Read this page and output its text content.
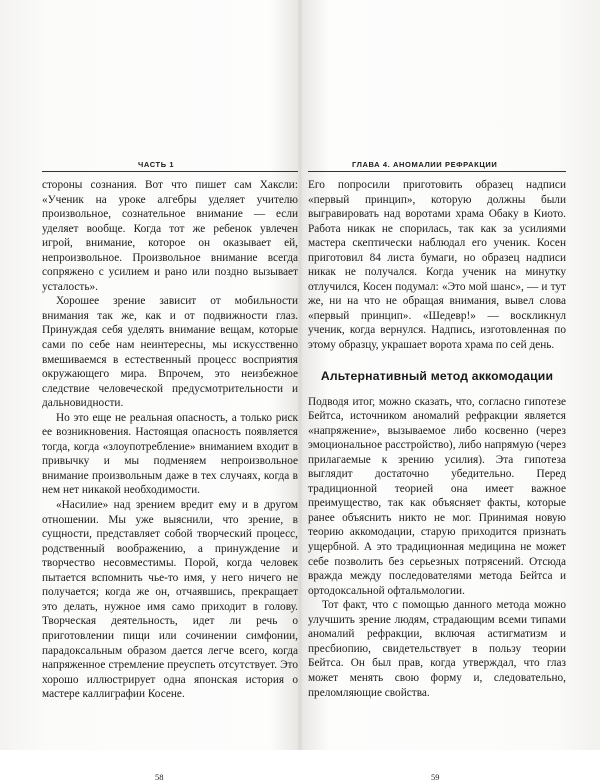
ЧАСТЬ 1

стороны сознания. Вот что пишет сам Хаксли: «Ученик на уроке алгебры уделяет учителю произвольное, сознательное внимание — если уделяет вообще. Когда тот же ребенок увлечен игрой, внимание, которое он оказывает ей, непроизвольное. Произвольное внимание всегда сопряжено с усилием и рано или поздно вызывает усталость».

Хорошее зрение зависит от мобильности внимания так же, как и от подвижности глаз. Принуждая себя уделять внимание вещам, которые сами по себе нам неинтересны, мы искусственно вмешиваемся в естественный процесс восприятия окружающего мира. Впрочем, это неизбежное следствие человеческой предусмотрительности и дальновидности.

Но это еще не реальная опасность, а только риск ее возникновения. Настоящая опасность появляется тогда, когда «злоупотребление» вниманием входит в привычку и мы подменяем непроизвольное внимание произвольным даже в тех случаях, когда в нем нет никакой необходимости.

«Насилие» над зрением вредит ему и в другом отношении. Мы уже выяснили, что зрение, в сущности, представляет собой творческий процесс, родственный воображению, а принуждение и творчество несовместимы. Порой, когда человек пытается вспомнить чье-то имя, у него ничего не получается; когда же он, отчаявшись, прекращает это делать, нужное имя само приходит в голову. Творческая деятельность, идет ли речь о приготовлении пищи или сочинении симфонии, парадоксальным образом дается легче всего, когда напряженное стремление преуспеть отсутствует. Это хорошо иллюстрирует одна японская история о мастере каллиграфии Косене.

58
ГЛАВА 4. АНОМАЛИИ РЕФРАКЦИИ

Его попросили приготовить образец надписи «первый принцип», которую должны были выгравировать над воротами храма Обаку в Киото. Работа никак не спорилась, так как за усилиями мастера скептически наблюдал его ученик. Косен приготовил 84 листа бумаги, но образец надписи никак не получался. Когда ученик на минутку отлучился, Косен подумал: «Это мой шанс», — и тут же, ни на что не обращая внимания, вывел слова «первый принцип». «Шедевр!» — воскликнул ученик, когда вернулся. Надпись, изготовленная по этому образцу, украшает ворота храма по сей день.

Альтернативный метод аккомодации

Подводя итог, можно сказать, что, согласно гипотезе Бейтса, источником аномалий рефракции является «напряжение», вызываемое либо косвенно (через эмоциональное расстройство), либо напрямую (через прилагаемые к зрению усилия). Эта гипотеза выглядит достаточно убедительно. Перед традиционной теорией она имеет важное преимущество, так как объясняет факты, которые ранее объяснить никто не мог. Принимая новую теорию аккомодации, старую приходится признать ущербной. А это традиционная медицина не может себе позволить без серьезных потрясений. Отсюда вражда между последователями метода Бейтса и ортодоксальной офтальмологии.

Тот факт, что с помощью данного метода можно улучшить зрение людям, страдающим всеми типами аномалий рефракции, включая астигматизм и пресбиопию, свидетельствует в пользу теории Бейтса. Он был прав, когда утверждал, что глаз может менять свою форму и, следовательно, преломляющие свойства.

59
